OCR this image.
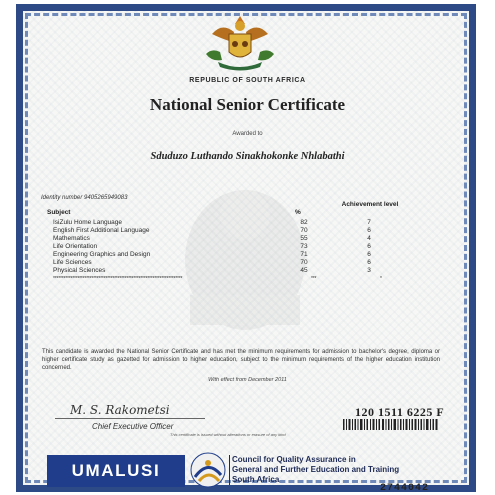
REPUBLIC OF SOUTH AFRICA
National Senior Certificate
Awarded to
Sduduzo Luthando Sinakhokonke Nhlabathi
Identity number 9405265949083
Subject	%
Achievement level
IsiZulu Home Language	82	7
English First Additional Language	70	6
Mathematics	55	4
Life Orientation	73	6
Engineering Graphics and Design	71	6
Life Sciences	70	6
Physical Sciences	45	3
**************************************************************************	***	*
This candidate is awarded the National Senior Certificate and has met the minimum requirements for admission to bachelor's degree, diploma or higher certificate study as gazetted for admission to higher education, subject to the minimum requirements of the higher education institution concerned.
With effect from December 2011
M. S. Rakometsi
Chief Executive Officer
120 1511 6225 F
This certificate is issued without alterations or erasure of any kind
UMALUSI
Council for Quality Assurance in
General and Further Education and Training
South Africa
2744042
